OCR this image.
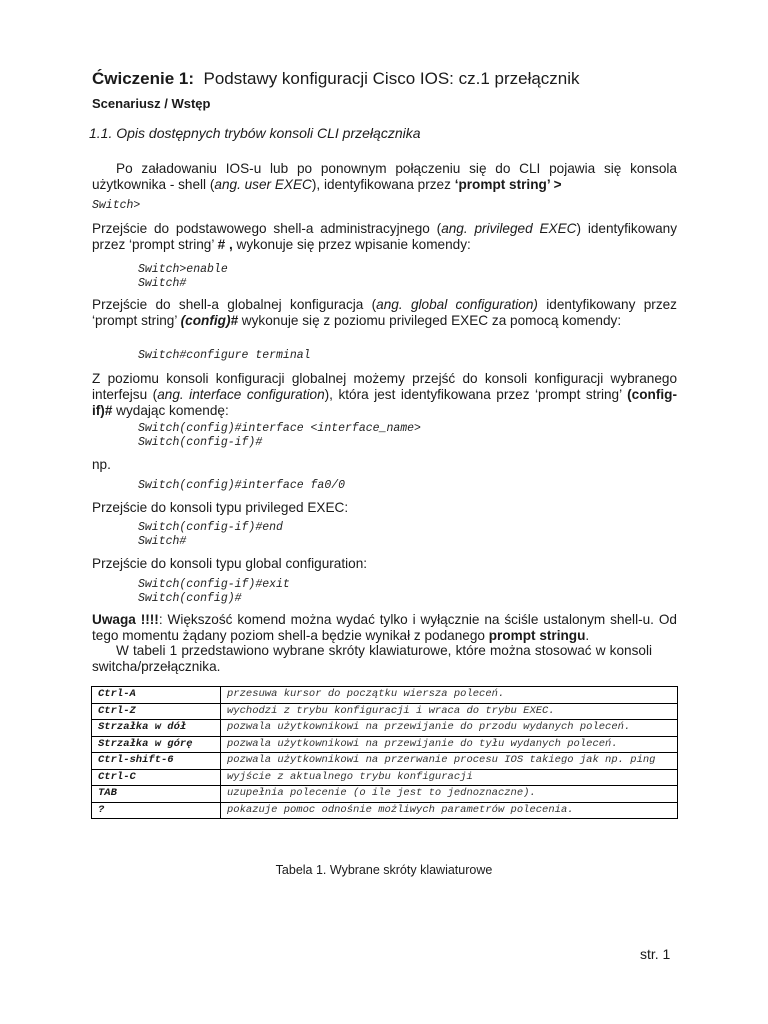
Ćwiczenie 1: Podstawy konfiguracji Cisco IOS: cz.1 przełącznik
Scenariusz / Wstęp
1.1. Opis dostępnych trybów konsoli CLI przełącznika
Po załadowaniu IOS-u lub po ponownym połączeniu się do CLI pojawia się konsola użytkownika - shell (ang. user EXEC), identyfikowana przez ‘prompt string’ >
Switch>
Przejście do podstawowego shell-a administracyjnego (ang. privileged EXEC) identyfikowany przez ‘prompt string’ # , wykonuje się przez wpisanie komendy:
Switch>enable
Switch#
Przejście do shell-a globalnej konfiguracja (ang. global configuration) identyfikowany przez ‘prompt string’ (config)# wykonuje się z poziomu privileged EXEC za pomocą komendy:
Switch#configure terminal
Z poziomu konsoli konfiguracji globalnej możemy przejść do konsoli konfiguracji wybranego interfejsu (ang. interface configuration), która jest identyfikowana przez ‘prompt string’ (config-if)# wydając komendę:
Switch(config)#interface <interface_name>
Switch(config-if)#
np.
Switch(config)#interface fa0/0
Przejście do konsoli typu privileged EXEC:
Switch(config-if)#end
Switch#
Przejście do konsoli typu global configuration:
Switch(config-if)#exit
Switch(config)#
Uwaga !!!!: Większość komend można wydać tylko i wyłącznie na ściśle ustalonym shell-u. Od tego momentu żądany poziom shell-a będzie wynikał z podanego prompt stringu.
W tabeli 1 przedstawiono wybrane skróty klawiaturowe, które można stosować w konsoli switcha/przełącznika.
Ctrl-A	przesuwa kursor do początku wiersza poleceń.
Ctrl-Z	wychodzi z trybu konfiguracji i wraca do trybu EXEC.
Strzałka w dół	pozwala użytkownikowi na przewijanie do przodu wydanych poleceń.
Strzałka w górę	pozwala użytkownikowi na przewijanie do tyłu wydanych poleceń.
Ctrl-shift-6	pozwala użytkownikowi na przerwanie procesu IOS takiego jak np. ping
Ctrl-C	wyjście z aktualnego trybu konfiguracji
TAB	uzupełnia polecenie (o ile jest to jednoznaczne).
?	pokazuje pomoc odnośnie możliwych parametrów polecenia.
Tabela 1. Wybrane skróty klawiaturowe
str. 1
